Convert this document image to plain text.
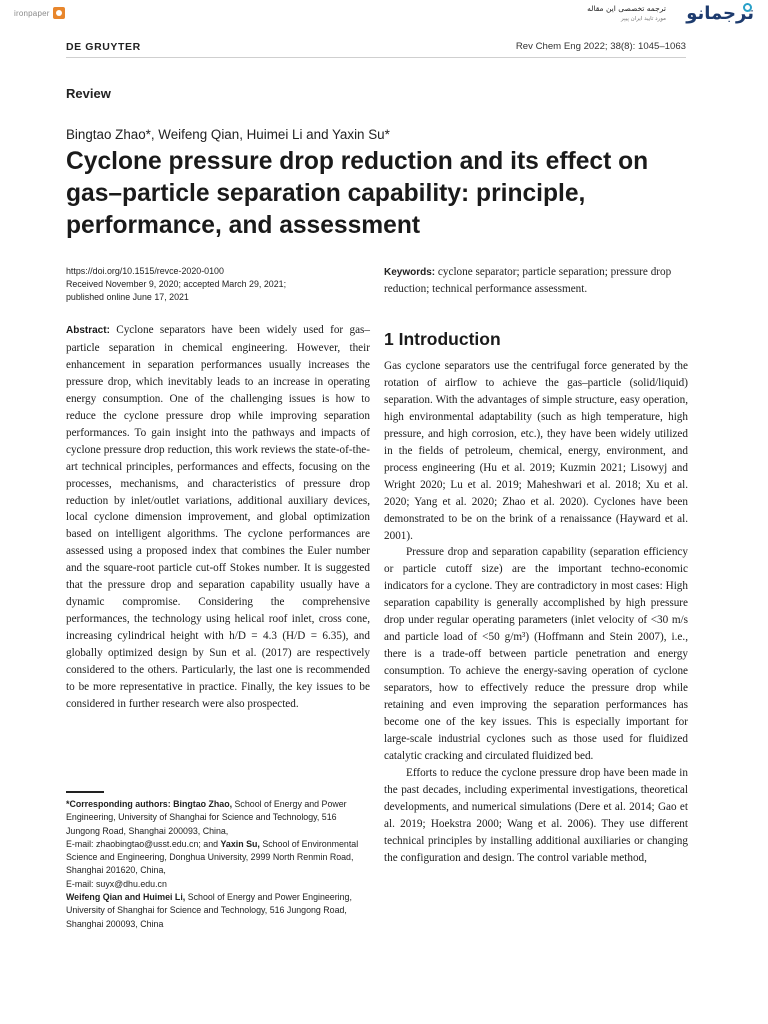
ironpaper	ترجمه تخصصی این مقاله
مورد تایید ایران پیپر	ترجمانو
DE GRUYTER	Rev Chem Eng 2022; 38(8): 1045–1063
Review
Bingtao Zhao*, Weifeng Qian, Huimei Li and Yaxin Su*
Cyclone pressure drop reduction and its effect on gas–particle separation capability: principle, performance, and assessment
https://doi.org/10.1515/revce-2020-0100
Received November 9, 2020; accepted March 29, 2021;
published online June 17, 2021
Keywords: cyclone separator; particle separation; pressure drop reduction; technical performance assessment.
Abstract: Cyclone separators have been widely used for gas–particle separation in chemical engineering. However, their enhancement in separation performances usually increases the pressure drop, which inevitably leads to an increase in operating energy consumption. One of the challenging issues is how to reduce the cyclone pressure drop while improving separation performances. To gain insight into the pathways and impacts of cyclone pressure drop reduction, this work reviews the state-of-the-art technical principles, performances and effects, focusing on the processes, mechanisms, and characteristics of pressure drop reduction by inlet/outlet variations, additional auxiliary devices, local cyclone dimension improvement, and global optimization based on intelligent algorithms. The cyclone performances are assessed using a proposed index that combines the Euler number and the square-root particle cut-off Stokes number. It is suggested that the pressure drop and separation capability usually have a dynamic compromise. Considering the comprehensive performances, the technology using helical roof inlet, cross cone, increasing cylindrical height with h/D = 4.3 (H/D = 6.35), and globally optimized design by Sun et al. (2017) are respectively considered to the others. Particularly, the last one is recommended to be more representative in practice. Finally, the key issues to be considered in further research were also prospected.
*Corresponding authors: Bingtao Zhao, School of Energy and Power Engineering, University of Shanghai for Science and Technology, 516 Jungong Road, Shanghai 200093, China,
E-mail: zhaobingtao@usst.edu.cn; and Yaxin Su, School of Environmental Science and Engineering, Donghua University, 2999 North Renmin Road, Shanghai 201620, China,
E-mail: suyx@dhu.edu.cn
Weifeng Qian and Huimei Li, School of Energy and Power Engineering, University of Shanghai for Science and Technology, 516 Jungong Road, Shanghai 200093, China
1 Introduction

Gas cyclone separators use the centrifugal force generated by the rotation of airflow to achieve the gas–particle (solid/liquid) separation. With the advantages of simple structure, easy operation, high environmental adaptability (such as high temperature, high pressure, and high corrosion, etc.), they have been widely utilized in the fields of petroleum, chemical, energy, environment, and process engineering (Hu et al. 2019; Kuzmin 2021; Lisowyj and Wright 2020; Lu et al. 2019; Maheshwari et al. 2018; Xu et al. 2020; Yang et al. 2020; Zhao et al. 2020). Cyclones have been demonstrated to be on the brink of a renaissance (Hayward et al. 2001).

Pressure drop and separation capability (separation efficiency or particle cutoff size) are the important techno-economic indicators for a cyclone. They are contradictory in most cases: High separation capability is generally accomplished by high pressure drop under regular operating parameters (inlet velocity of <30 m/s and particle load of <50 g/m³) (Hoffmann and Stein 2007), i.e., there is a trade-off between particle penetration and energy consumption. To achieve the energy-saving operation of cyclone separators, how to effectively reduce the pressure drop while retaining and even improving the separation performances has become one of the key issues. This is especially important for large-scale industrial cyclones such as those used for fluidized catalytic cracking and circulated fluidized bed.

Efforts to reduce the cyclone pressure drop have been made in the past decades, including experimental investigations, theoretical developments, and numerical simulations (Dere et al. 2014; Gao et al. 2019; Hoekstra 2000; Wang et al. 2006). They use different technical principles by installing additional auxiliaries or changing the configuration and design. The control variable method,
